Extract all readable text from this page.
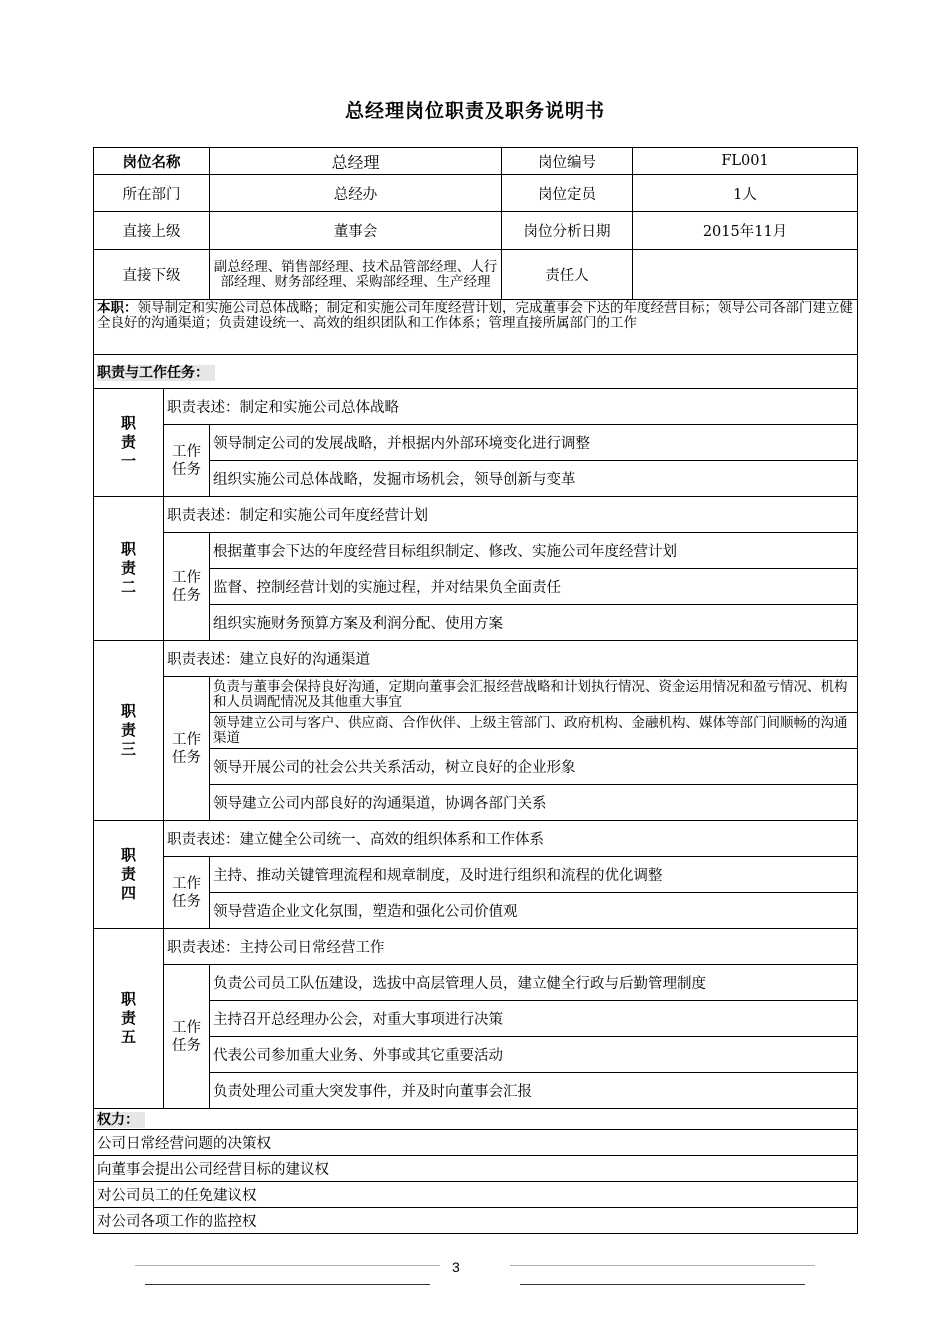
总经理岗位职责及职务说明书
岗位名称		总经理	岗位编号	FL001
所在部门		总经办	岗位定员	1人
直接上级		董事会	岗位分析日期	2015年11月
直接下级		副总经理、销售部经理、技术品管部经理、人行部经理、财务部经理、采购部经理、生产经理	责任人	
本职：领导制定和实施公司总体战略；制定和实施公司年度经营计划，完成董事会下达的年度经营目标；领导公司各部门建立健全良好的沟通渠道；负责建设统一、高效的组织团队和工作体系；管理直接所属部门的工作				
职责与工作任务：				

职
责
一	职责表述：制定和实施公司总体战略			

	工作任务	领导制定公司的发展战略，并根据内外部环境变化进行调整		
		组织实施公司总体战略，发掘市场机会，领导创新与变革		

职
责
二	职责表述：制定和实施公司年度经营计划			

	工作任务	根据董事会下达的年度经营目标组织制定、修改、实施公司年度经营计划		
		监督、控制经营计划的实施过程，并对结果负全面责任		
		组织实施财务预算方案及利润分配、使用方案		

职
责
三	职责表述：建立良好的沟通渠道			

	工作任务	负责与董事会保持良好沟通，定期向董事会汇报经营战略和计划执行情况、资金运用情况和盈亏情况、机构和人员调配情况及其他重大事宜		
		领导建立公司与客户、供应商、合作伙伴、上级主管部门、政府机构、金融机构、媒体等部门间顺畅的沟通渠道		
		领导开展公司的社会公共关系活动，树立良好的企业形象		
		领导建立公司内部良好的沟通渠道，协调各部门关系		

职
责
四	职责表述：建立健全公司统一、高效的组织体系和工作体系			

	工作任务	主持、推动关键管理流程和规章制度，及时进行组织和流程的优化调整		
		领导营造企业文化氛围，塑造和强化公司价值观		

职
责
五	职责表述：主持公司日常经营工作			

	工作任务	负责公司员工队伍建设，选拔中高层管理人员，建立健全行政与后勤管理制度		
		主持召开总经理办公会，对重大事项进行决策		
		代表公司参加重大业务、外事或其它重要活动		
		负责处理公司重大突发事件，并及时向董事会汇报		
权力：				
公司日常经营问题的决策权				
向董事会提出公司经营目标的建议权				
对公司员工的任免建议权				
对公司各项工作的监控权				
3
